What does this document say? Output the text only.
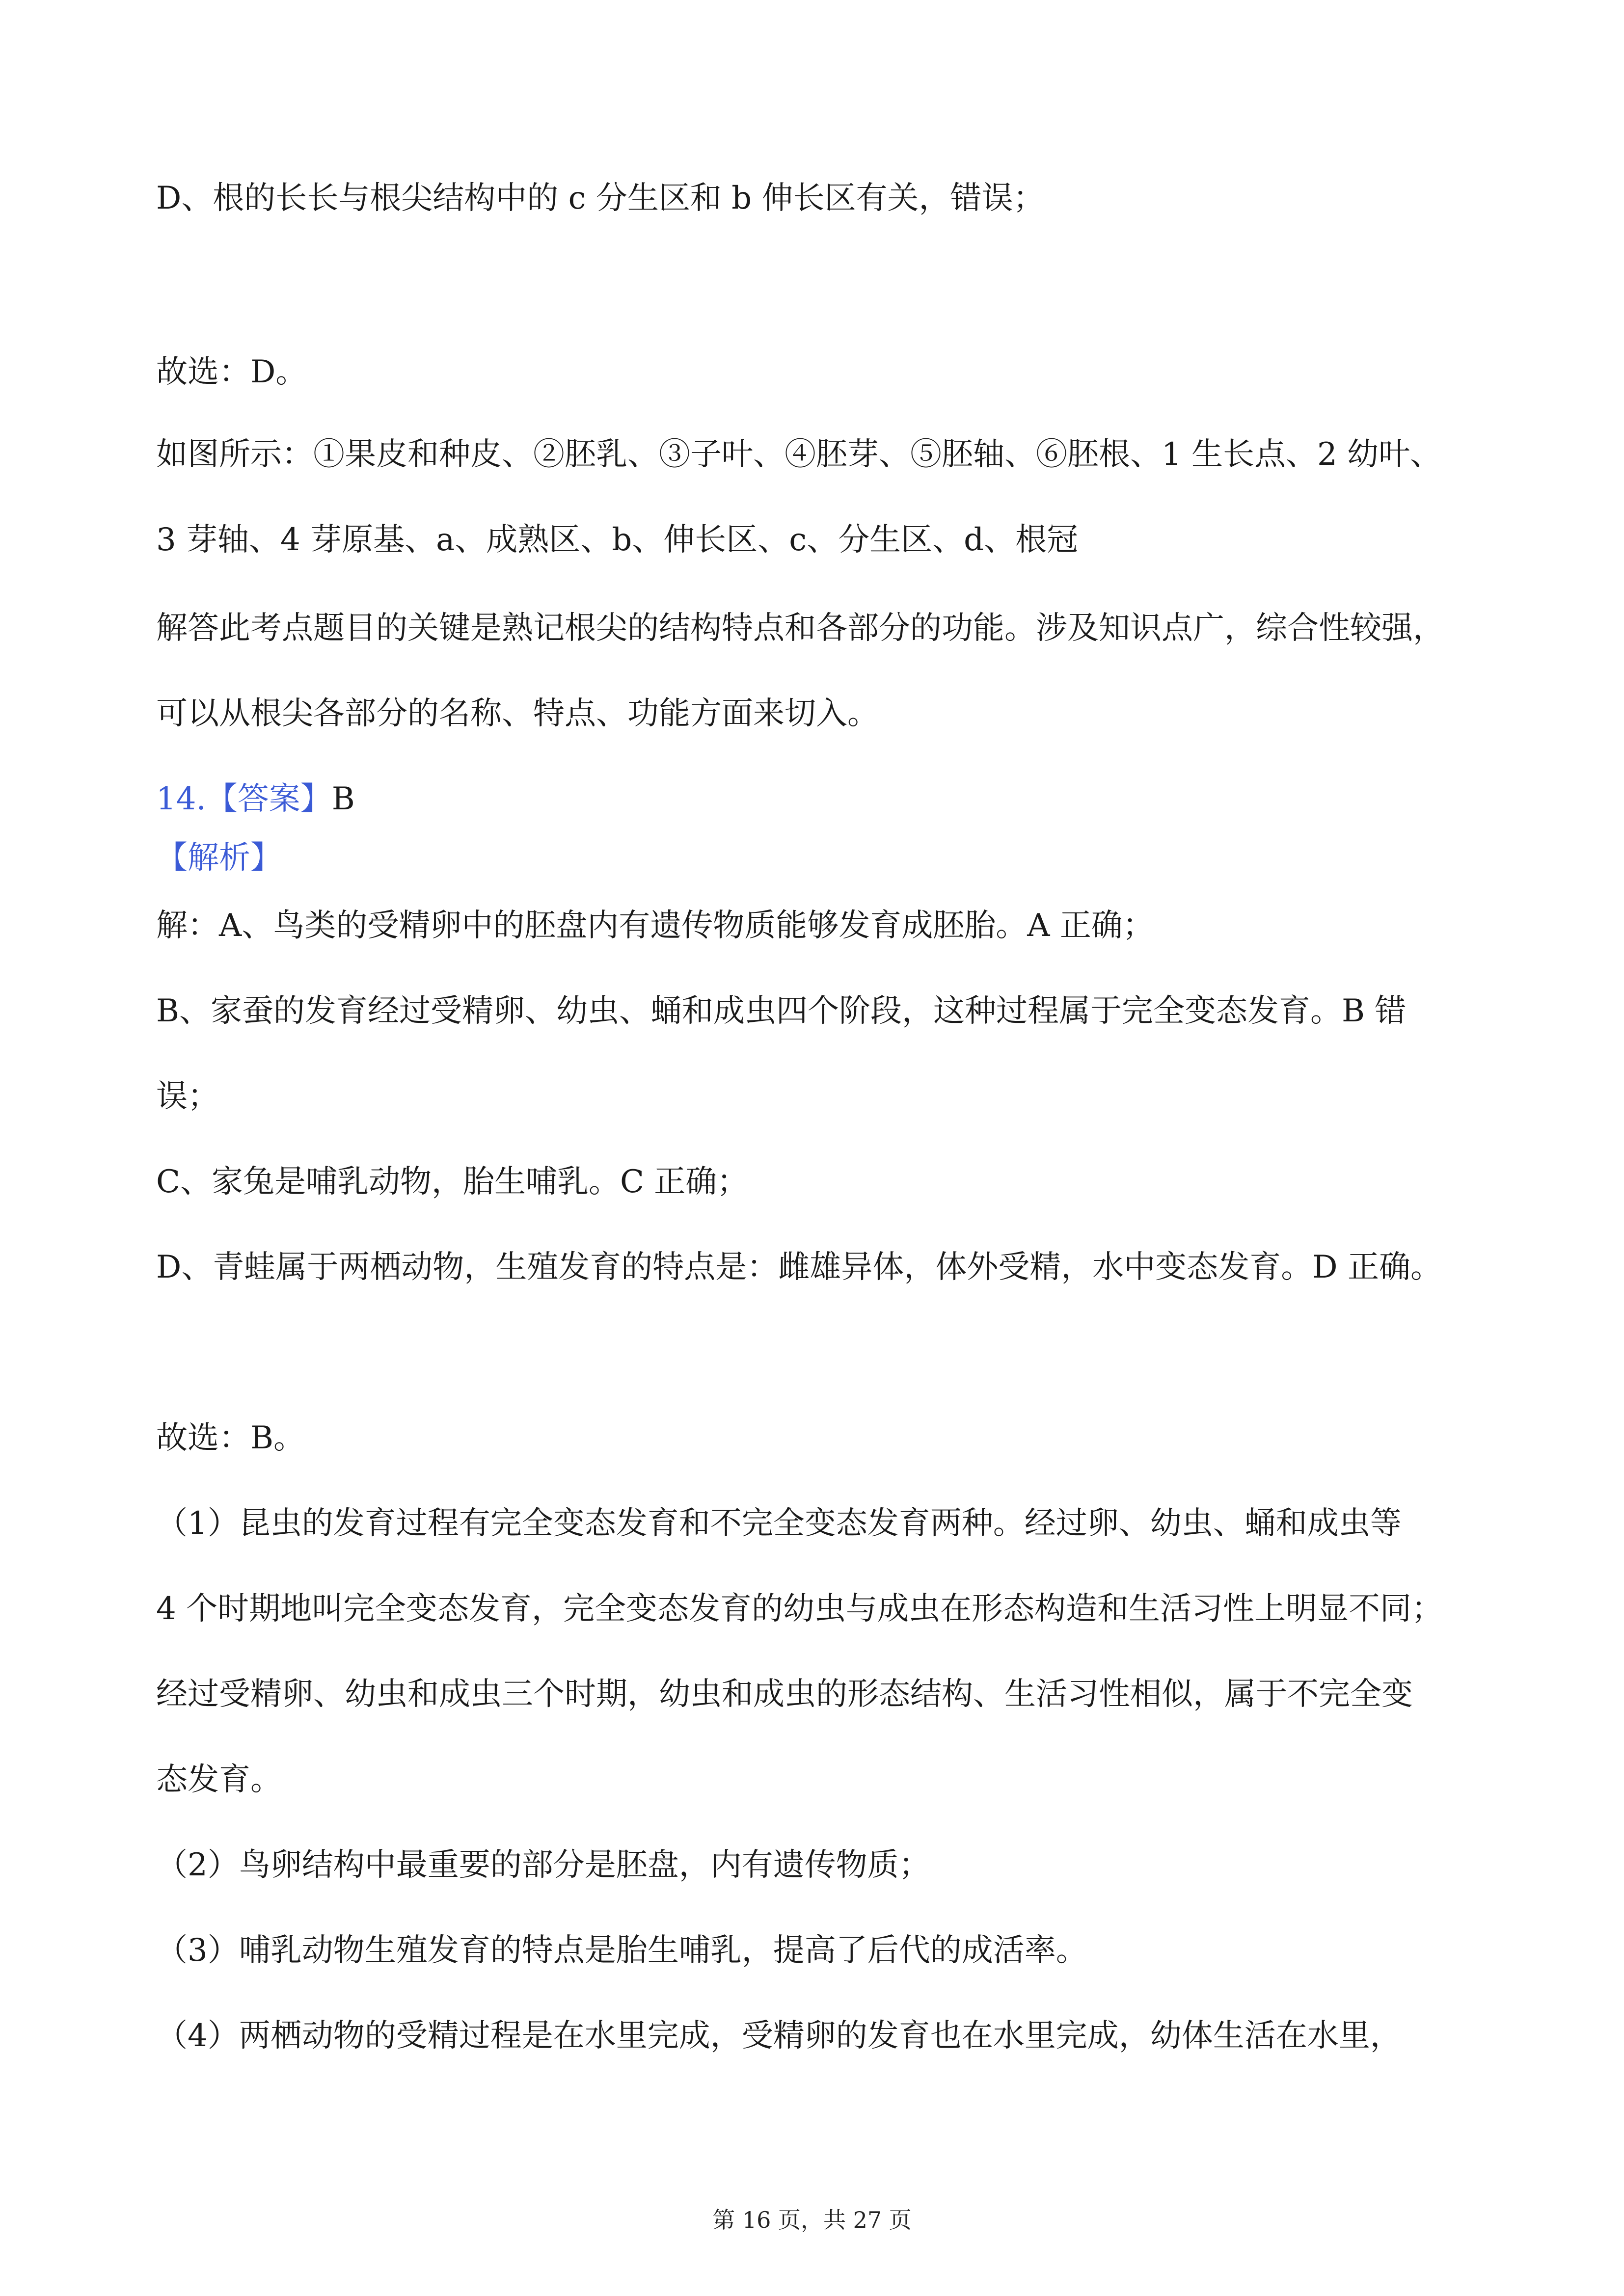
D、根的长长与根尖结构中的 c 分生区和 b 伸长区有关，错误；
故选：D。
如图所示：①果皮和种皮、②胚乳、③子叶、④胚芽、⑤胚轴、⑥胚根、1 生长点、2 幼叶、
3 芽轴、4 芽原基、a、成熟区、b、伸长区、c、分生区、d、根冠
解答此考点题目的关键是熟记根尖的结构特点和各部分的功能。涉及知识点广，综合性较强，
可以从根尖各部分的名称、特点、功能方面来切入。
14.【答案】B
【解析】
解：A、鸟类的受精卵中的胚盘内有遗传物质能够发育成胚胎。A 正确；
B、家蚕的发育经过受精卵、幼虫、蛹和成虫四个阶段，这种过程属于完全变态发育。B 错
误；
C、家兔是哺乳动物，胎生哺乳。C 正确；
D、青蛙属于两栖动物，生殖发育的特点是：雌雄异体，体外受精，水中变态发育。D 正确。
故选：B。
（1）昆虫的发育过程有完全变态发育和不完全变态发育两种。经过卵、幼虫、蛹和成虫等
4 个时期地叫完全变态发育，完全变态发育的幼虫与成虫在形态构造和生活习性上明显不同；
经过受精卵、幼虫和成虫三个时期，幼虫和成虫的形态结构、生活习性相似，属于不完全变
态发育。
（2）鸟卵结构中最重要的部分是胚盘，内有遗传物质；
（3）哺乳动物生殖发育的特点是胎生哺乳，提高了后代的成活率。
（4）两栖动物的受精过程是在水里完成，受精卵的发育也在水里完成，幼体生活在水里，
第 16 页，共 27 页
